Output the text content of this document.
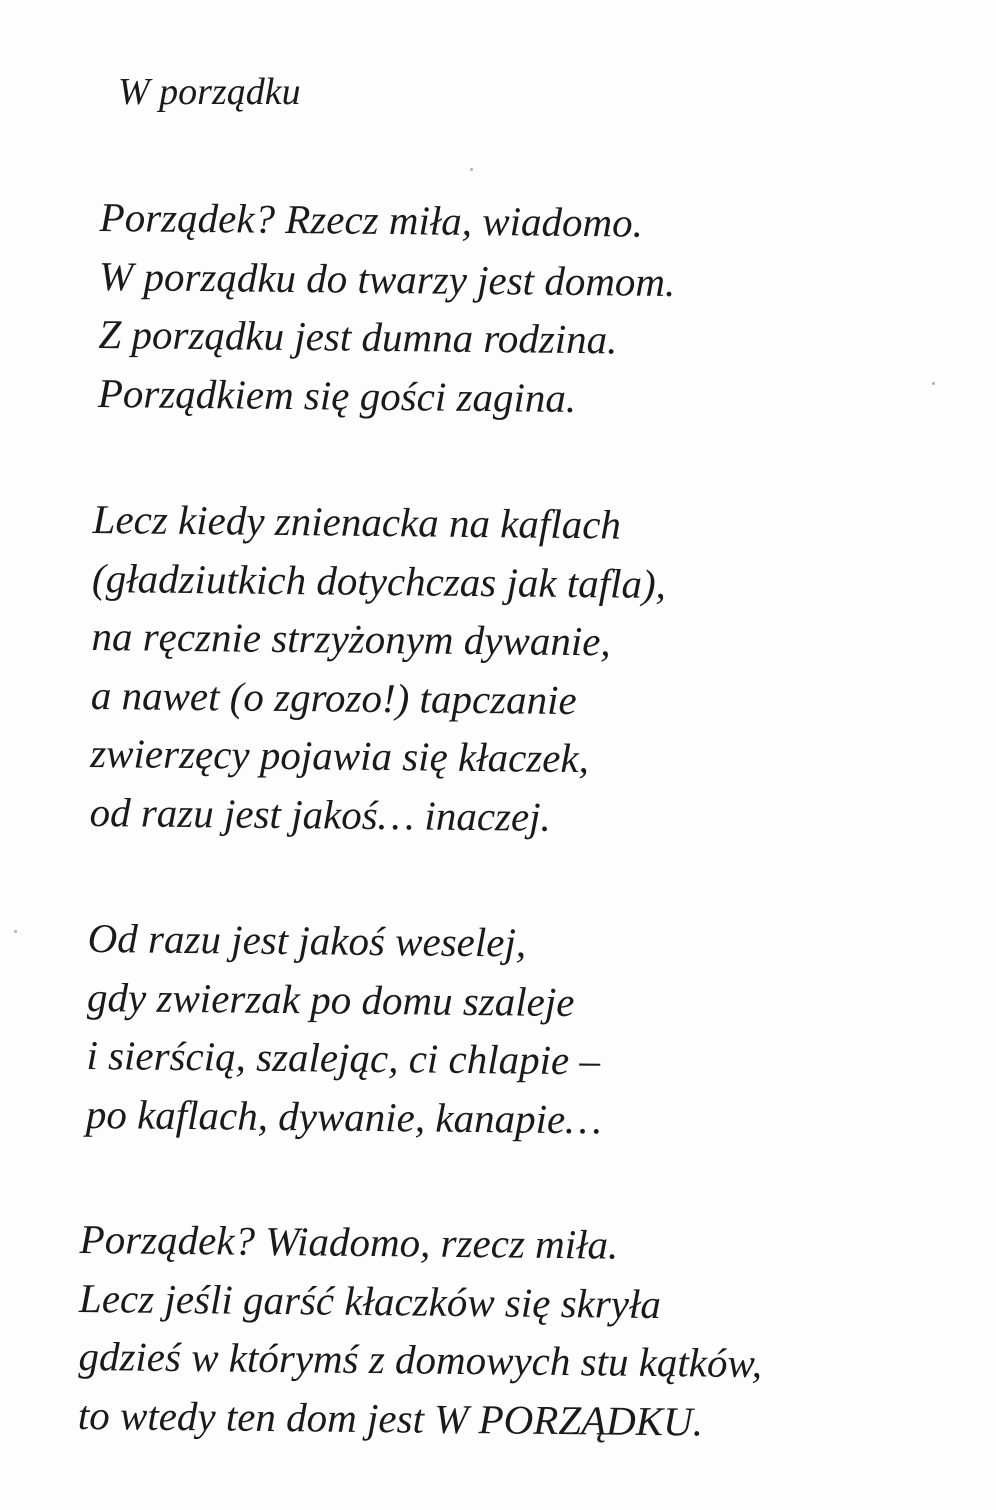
W porządku
Porządek? Rzecz miła, wiadomo.
W porządku do twarzy jest domom.
Z porządku jest dumna rodzina.
Porządkiem się gości zagina.
Lecz kiedy znienacka na kaflach
(gładziutkich dotychczas jak tafla),
na ręcznie strzyżonym dywanie,
a nawet (o zgrozo!) tapczanie
zwierzęcy pojawia się kłaczek,
od razu jest jakoś… inaczej.
Od razu jest jakoś weselej,
gdy zwierzak po domu szaleje
i sierścią, szalejąc, ci chlapie –
po kaflach, dywanie, kanapie…
Porządek? Wiadomo, rzecz miła.
Lecz jeśli garść kłaczków się skryła
gdzieś w którymś z domowych stu kątków,
to wtedy ten dom jest W PORZĄDKU.
